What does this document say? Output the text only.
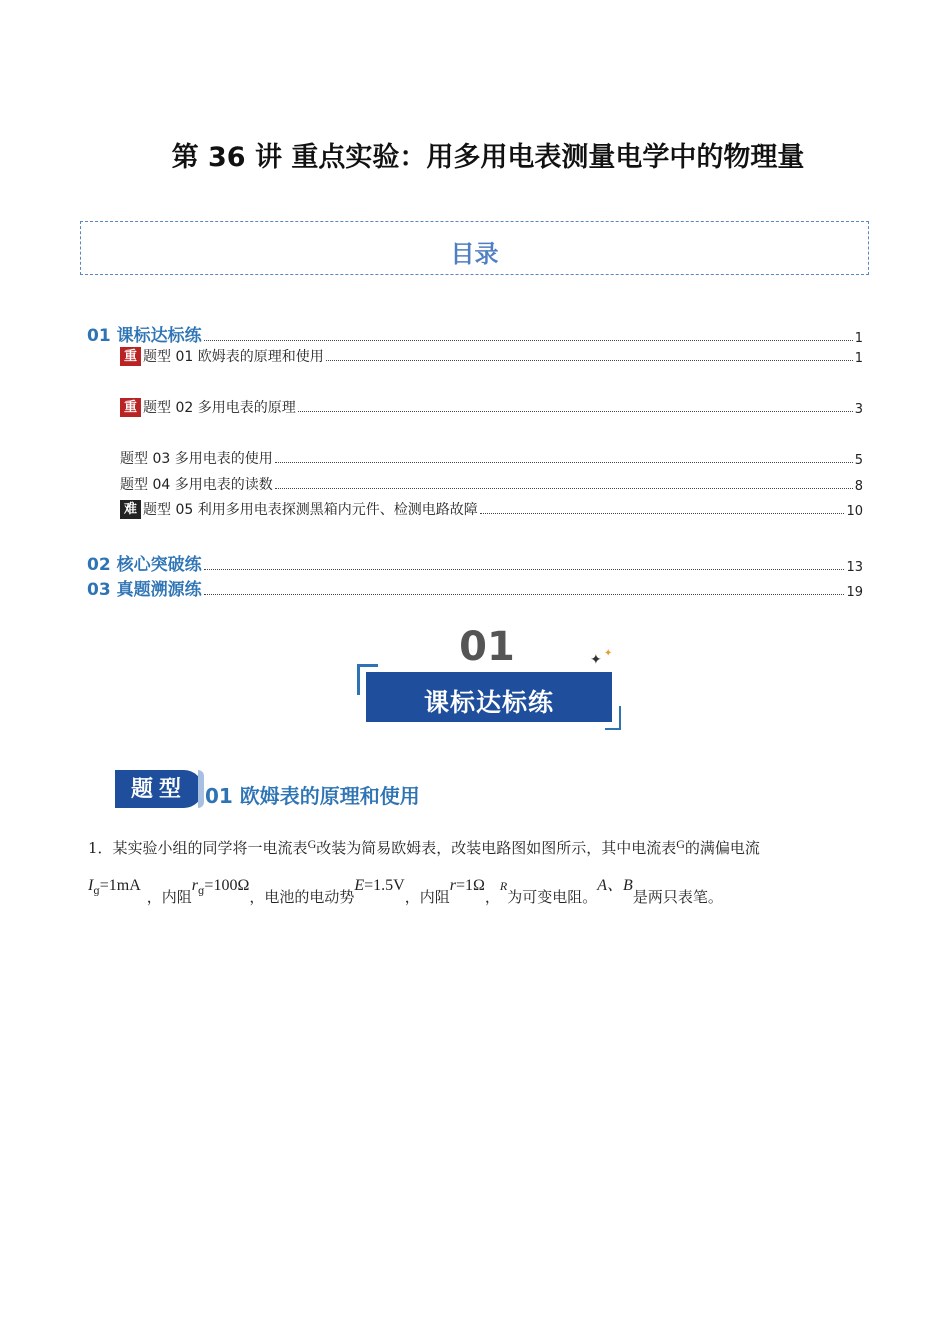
第 36 讲 重点实验：用多用电表测量电学中的物理量
目录
01 课标达标练	1
重 题型 01 欧姆表的原理和使用	1
重 题型 02 多用电表的原理	3
题型 03 多用电表的使用	5
题型 04 多用电表的读数	8
难 题型 05 利用多用电表探测黑箱内元件、检测电路故障	10
02 核心突破练	13
03 真题溯源练	19
01
课标达标练
✦ ✦
题型 01 欧姆表的原理和使用
1．某实验小组的同学将一电流表$^G$改装为简易欧姆表，改装电路图如图所示，其中电流表$^G$的满偏电流
$I_g=1mA$，内阻$r_g=100\Omega$，电池的电动势E=1.5V，内阻r=1Ω，R为可变电阻。A、B是两只表笔。
